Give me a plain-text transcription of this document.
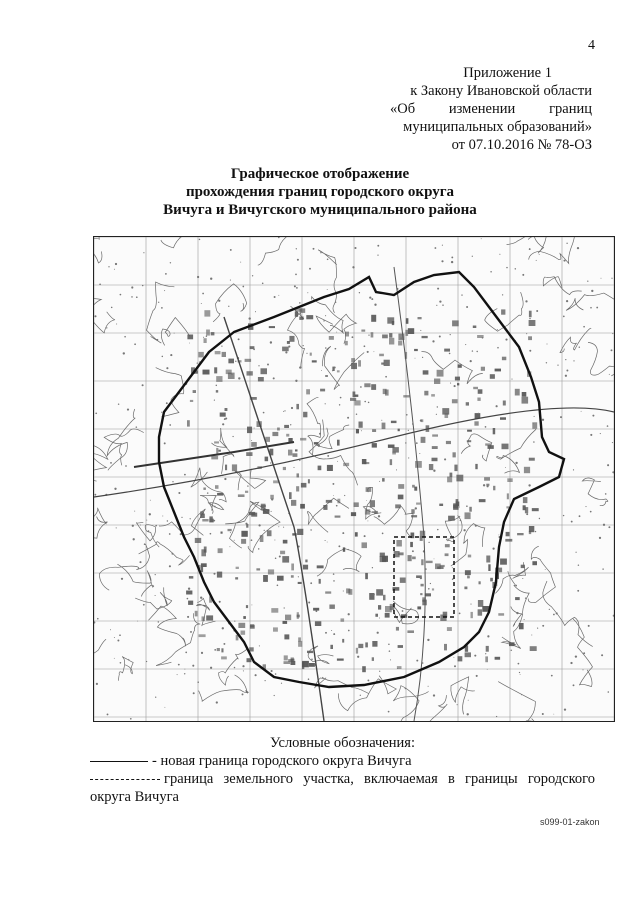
4
Приложение 1
к Закону Ивановской области
«Об изменении границ
муниципальных образований»
от 07.10.2016 № 78-ОЗ
Графическое отображение
прохождения границ городского округа
Вичуга и Вичугского муниципального района
Условные обозначения:
- новая граница городского округа Вичуга
граница земельного участка, включаемая в границы городского округа Вичуга
s099-01-zakon
